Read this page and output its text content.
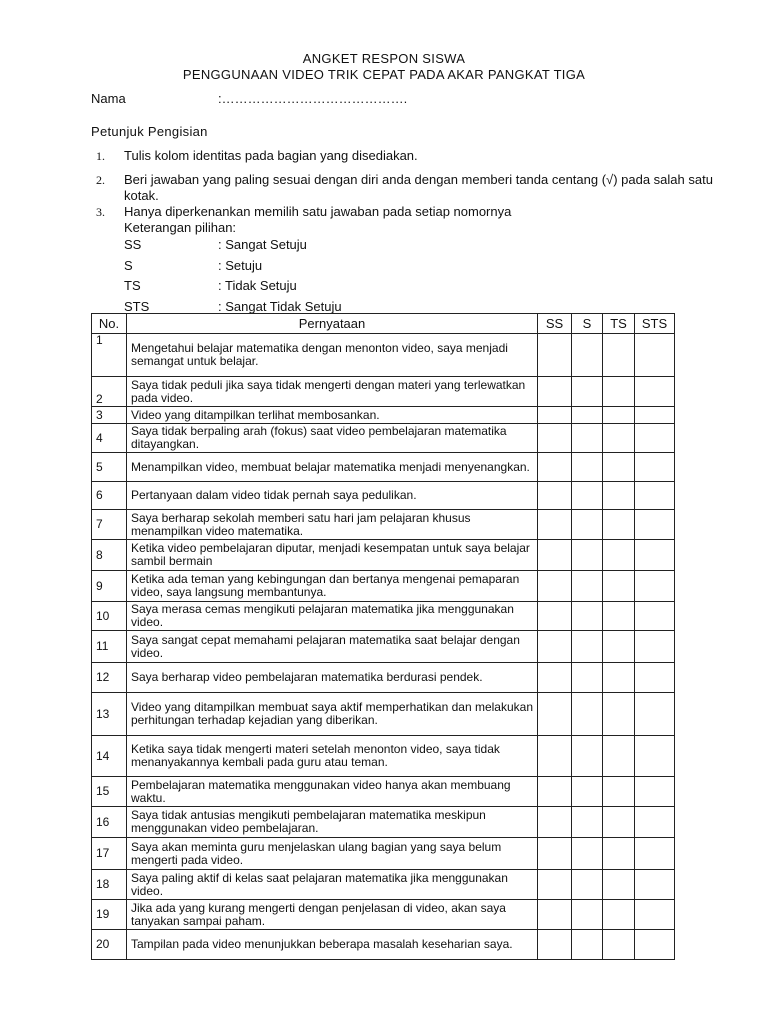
ANGKET RESPON SISWA
PENGGUNAAN VIDEO TRIK CEPAT PADA AKAR PANGKAT TIGA
Nama	:…………………………………….
Petunjuk Pengisian
1. Tulis kolom identitas pada bagian yang disediakan.
2. Beri jawaban yang paling sesuai dengan diri anda dengan memberi tanda centang (√) pada salah satu kotak.
3. Hanya diperkenankan memilih satu jawaban pada setiap nomornya
Keterangan pilihan:
SS	: Sangat Setuju
S	: Setuju
TS	: Tidak Setuju
STS	: Sangat Tidak Setuju
No.	Pernyataan	SS	S	TS	STS
1	Mengetahui belajar matematika dengan menonton video, saya menjadi semangat untuk belajar.				
2	Saya tidak peduli jika saya tidak mengerti dengan materi yang terlewatkan pada video.				
3	Video yang ditampilkan terlihat membosankan.				
4	Saya tidak berpaling arah (fokus) saat video pembelajaran matematika ditayangkan.				
5	Menampilkan video, membuat belajar matematika menjadi menyenangkan.				
6	Pertanyaan dalam video tidak pernah saya pedulikan.				
7	Saya berharap sekolah memberi satu hari jam pelajaran khusus menampilkan video matematika.				
8	Ketika video pembelajaran diputar, menjadi kesempatan untuk saya belajar sambil bermain				
9	Ketika ada teman yang kebingungan dan bertanya mengenai pemaparan video, saya langsung membantunya.				
10	Saya merasa cemas mengikuti pelajaran matematika jika menggunakan video.				
11	Saya sangat cepat memahami pelajaran matematika saat belajar dengan video.				
12	Saya berharap video pembelajaran matematika berdurasi pendek.				
13	Video yang ditampilkan membuat saya aktif memperhatikan dan melakukan perhitungan terhadap kejadian yang diberikan.				
14	Ketika saya tidak mengerti materi setelah menonton video, saya tidak menanyakannya kembali pada guru atau teman.				
15	Pembelajaran matematika menggunakan video hanya akan membuang waktu.				
16	Saya tidak antusias mengikuti pembelajaran matematika meskipun menggunakan video pembelajaran.				
17	Saya akan meminta guru menjelaskan ulang bagian yang saya belum mengerti pada video.				
18	Saya paling aktif di kelas saat pelajaran matematika jika menggunakan video.				
19	Jika ada yang kurang mengerti dengan penjelasan di video, akan saya tanyakan sampai paham.				
20	Tampilan pada video menunjukkan beberapa masalah keseharian saya.				
